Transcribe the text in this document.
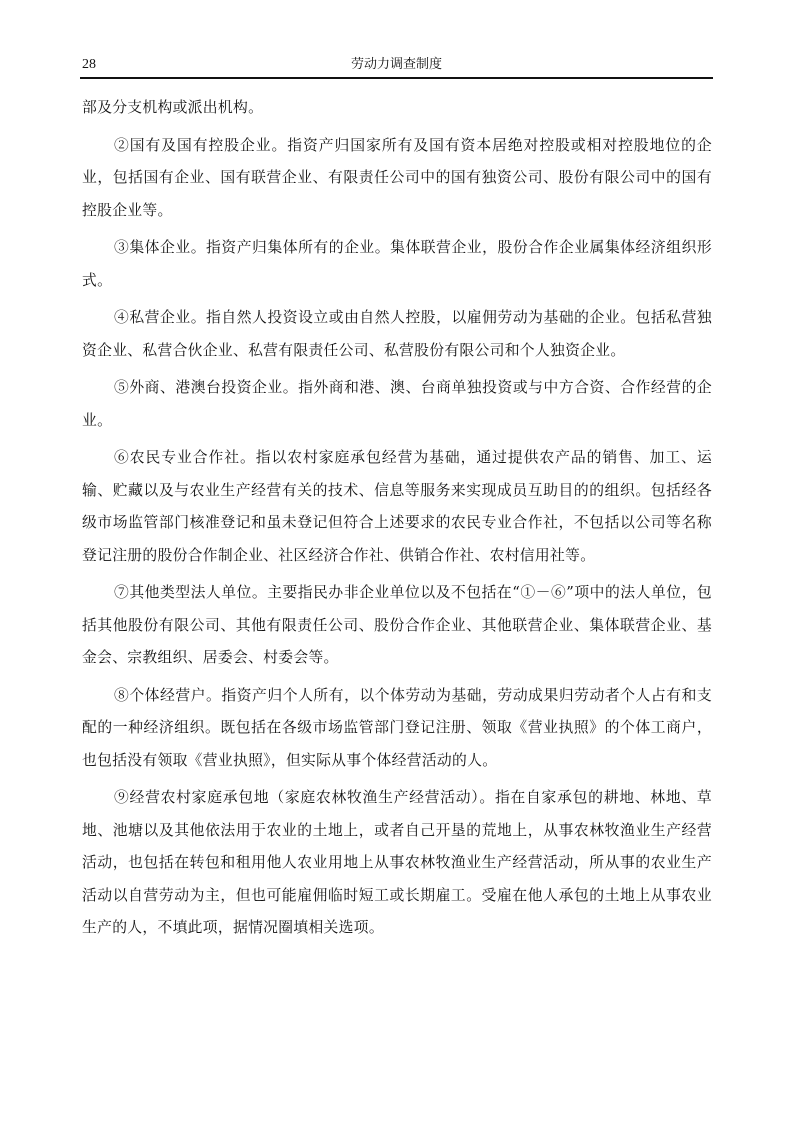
28	劳动力调查制度

部及分支机构或派出机构。

②国有及国有控股企业。指资产归国家所有及国有资本居绝对控股或相对控股地位的企业，包括国有企业、国有联营企业、有限责任公司中的国有独资公司、股份有限公司中的国有控股企业等。

③集体企业。指资产归集体所有的企业。集体联营企业，股份合作企业属集体经济组织形式。

④私营企业。指自然人投资设立或由自然人控股，以雇佣劳动为基础的企业。包括私营独资企业、私营合伙企业、私营有限责任公司、私营股份有限公司和个人独资企业。

⑤外商、港澳台投资企业。指外商和港、澳、台商单独投资或与中方合资、合作经营的企业。

⑥农民专业合作社。指以农村家庭承包经营为基础，通过提供农产品的销售、加工、运输、贮藏以及与农业生产经营有关的技术、信息等服务来实现成员互助目的的组织。包括经各级市场监管部门核准登记和虽未登记但符合上述要求的农民专业合作社，不包括以公司等名称登记注册的股份合作制企业、社区经济合作社、供销合作社、农村信用社等。

⑦其他类型法人单位。主要指民办非企业单位以及不包括在“①－⑥”项中的法人单位，包括其他股份有限公司、其他有限责任公司、股份合作企业、其他联营企业、集体联营企业、基金会、宗教组织、居委会、村委会等。

⑧个体经营户。指资产归个人所有，以个体劳动为基础，劳动成果归劳动者个人占有和支配的一种经济组织。既包括在各级市场监管部门登记注册、领取《营业执照》的个体工商户，也包括没有领取《营业执照》，但实际从事个体经营活动的人。

⑨经营农村家庭承包地（家庭农林牧渔生产经营活动）。指在自家承包的耕地、林地、草地、池塘以及其他依法用于农业的土地上，或者自己开垦的荒地上，从事农林牧渔业生产经营活动，也包括在转包和租用他人农业用地上从事农林牧渔业生产经营活动，所从事的农业生产活动以自营劳动为主，但也可能雇佣临时短工或长期雇工。受雇在他人承包的土地上从事农业生产的人，不填此项，据情况圈填相关选项。
